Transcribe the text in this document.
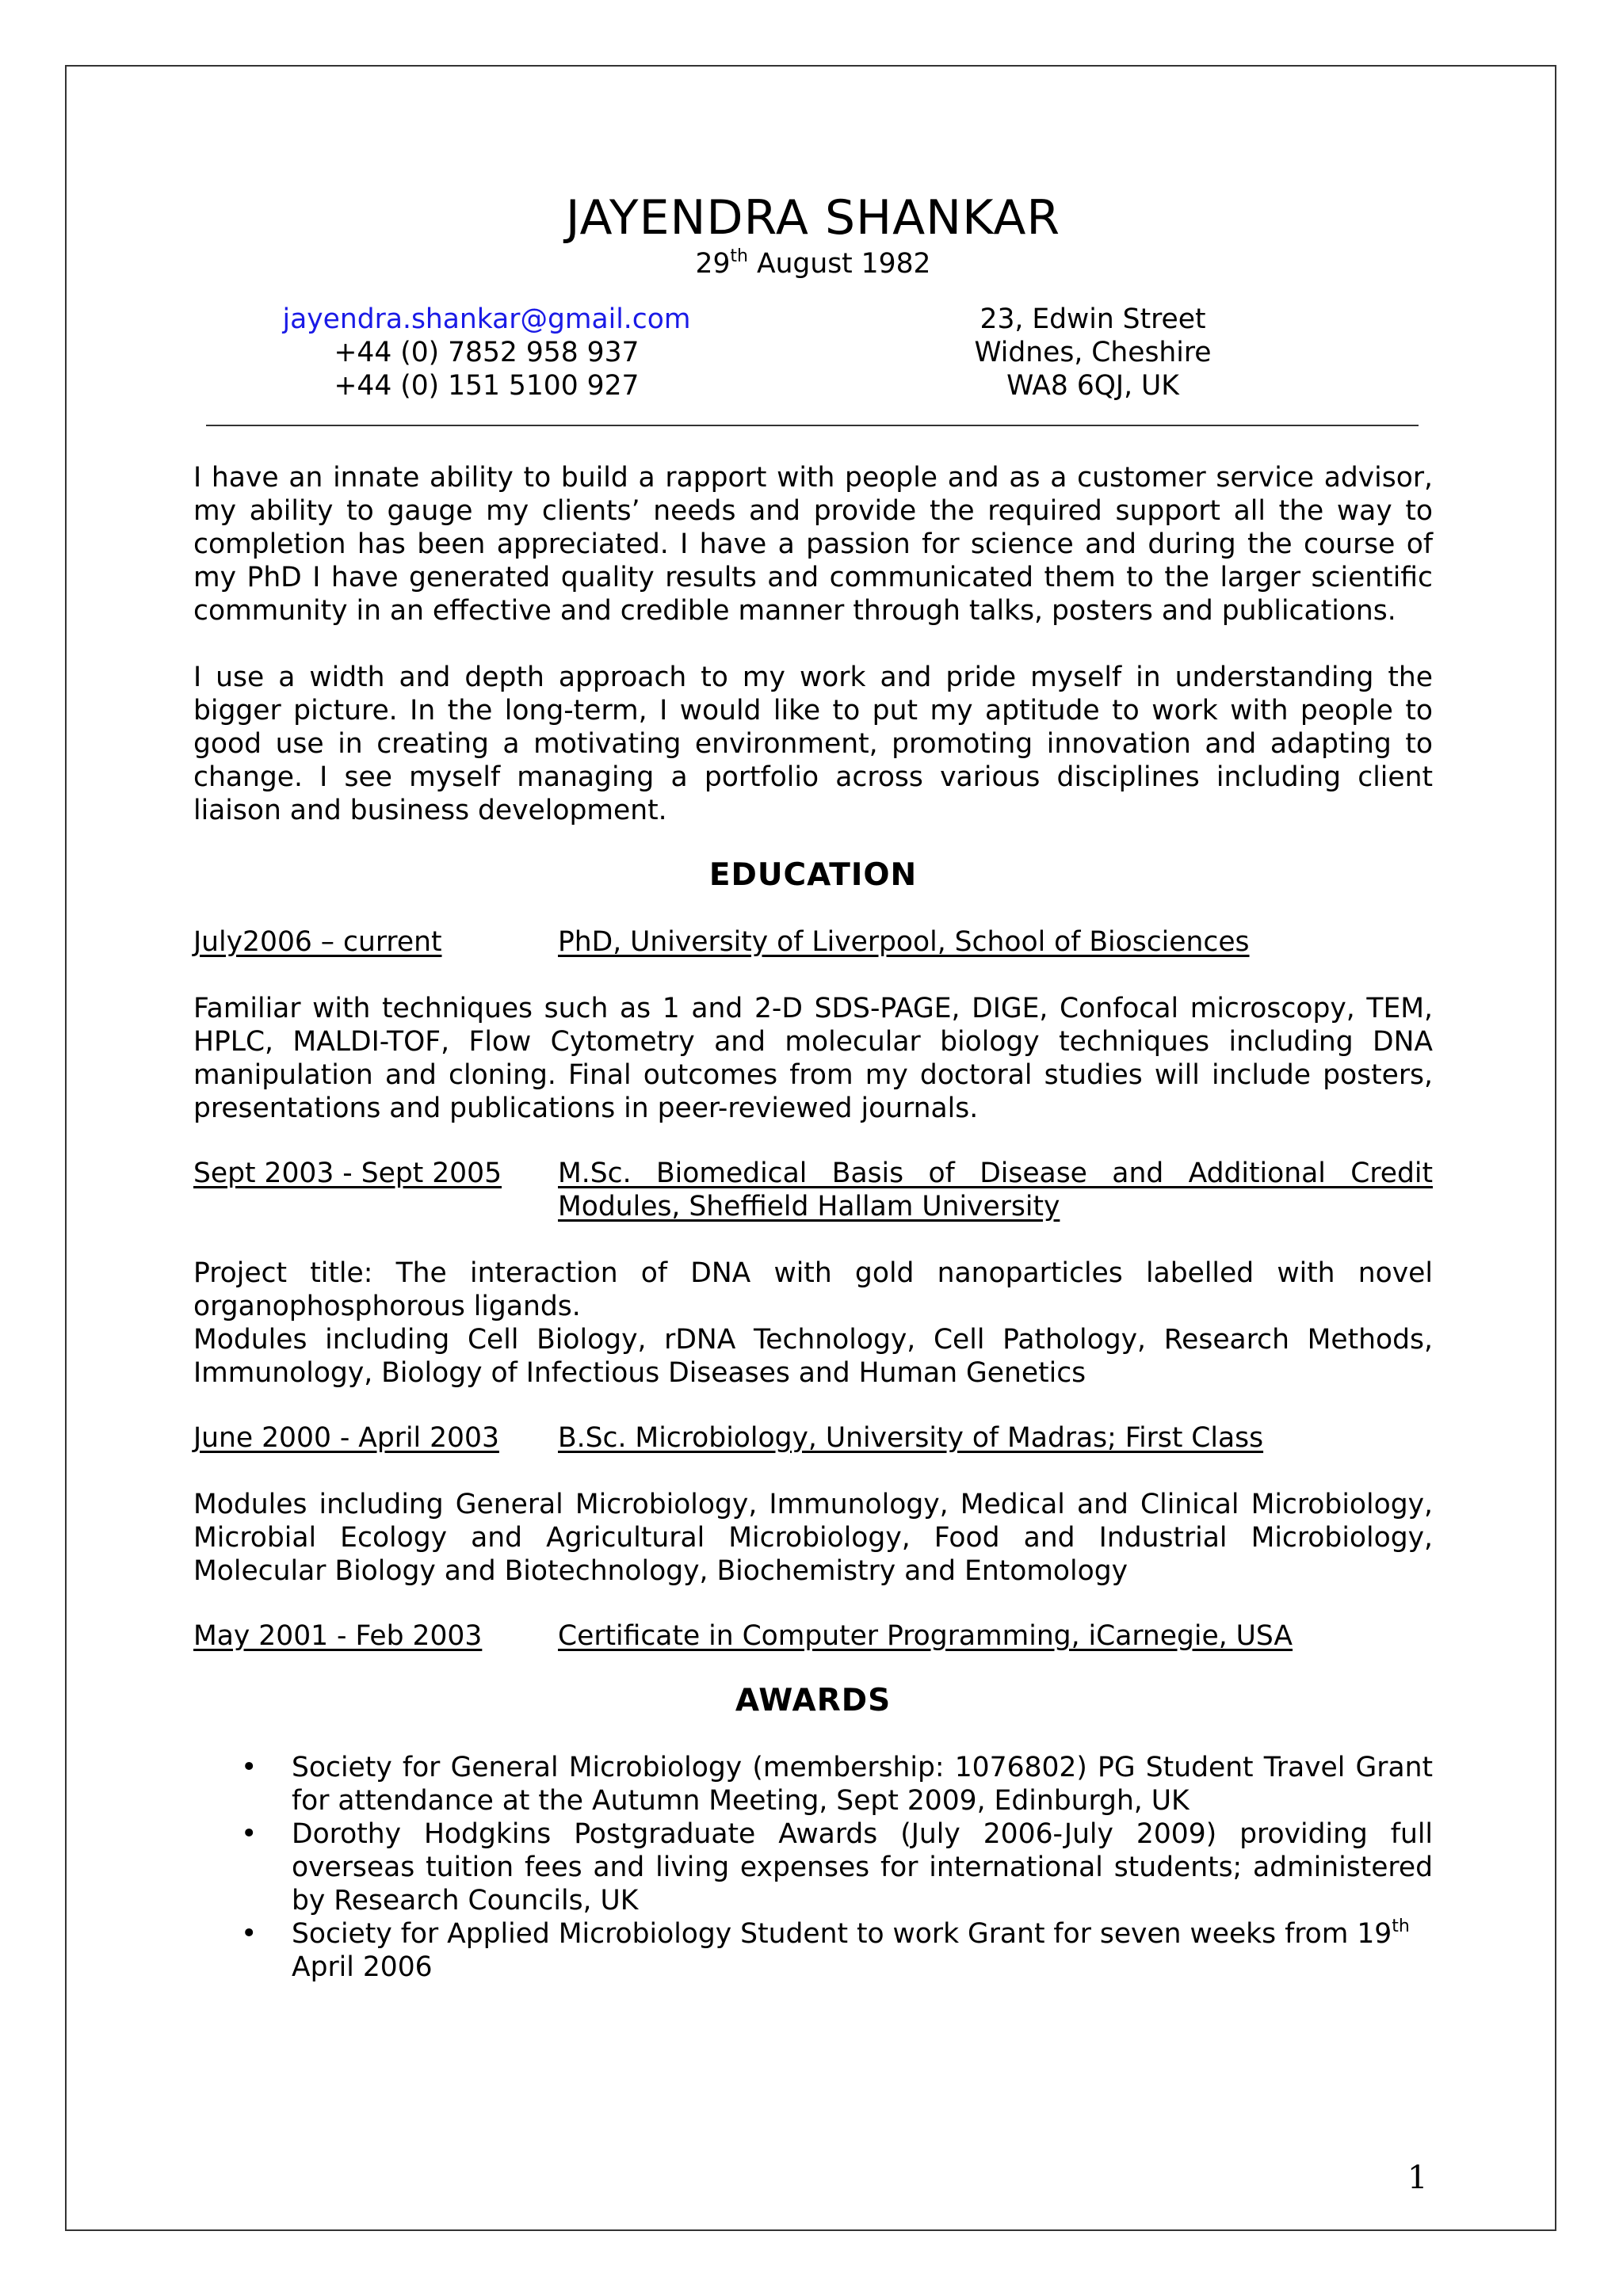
JAYENDRA SHANKAR
29th August 1982
jayendra.shankar@gmail.com
+44 (0) 7852 958 937
+44 (0) 151 5100 927
23, Edwin Street
Widnes, Cheshire
WA8 6QJ, UK

I have an innate ability to build a rapport with people and as a customer service advisor, my ability to gauge my clients’ needs and provide the required support all the way to completion has been appreciated. I have a passion for science and during the course of my PhD I have generated quality results and communicated them to the larger scientific community in an effective and credible manner through talks, posters and publications.

I use a width and depth approach to my work and pride myself in understanding the bigger picture. In the long-term, I would like to put my aptitude to work with people to good use in creating a motivating environment, promoting innovation and adapting to change. I see myself managing a portfolio across various disciplines including client liaison and business development.

EDUCATION
July2006 – current	PhD, University of Liverpool, School of Biosciences

Familiar with techniques such as 1 and 2-D SDS-PAGE, DIGE, Confocal microscopy, TEM, HPLC, MALDI-TOF, Flow Cytometry and molecular biology techniques including DNA manipulation and cloning. Final outcomes from my doctoral studies will include posters, presentations and publications in peer-reviewed journals.

Sept 2003 - Sept 2005	M.Sc. Biomedical Basis of Disease and Additional Credit Modules, Sheffield Hallam University

Project title: The interaction of DNA with gold nanoparticles labelled with novel organophosphorous ligands.

Modules including Cell Biology, rDNA Technology, Cell Pathology, Research Methods, Immunology, Biology of Infectious Diseases and Human Genetics

June 2000 - April 2003	B.Sc. Microbiology, University of Madras; First Class

Modules including General Microbiology, Immunology, Medical and Clinical Microbiology, Microbial Ecology and Agricultural Microbiology, Food and Industrial Microbiology, Molecular Biology and Biotechnology, Biochemistry and Entomology

May 2001 - Feb 2003	Certificate in Computer Programming, iCarnegie, USA
AWARDS
• Society for General Microbiology (membership: 1076802) PG Student Travel Grant for attendance at the Autumn Meeting, Sept 2009, Edinburgh, UK
• Dorothy Hodgkins Postgraduate Awards (July 2006-July 2009) providing full overseas tuition fees and living expenses for international students; administered by Research Councils, UK
• Society for Applied Microbiology Student to work Grant for seven weeks from 19th
April 2006
1
